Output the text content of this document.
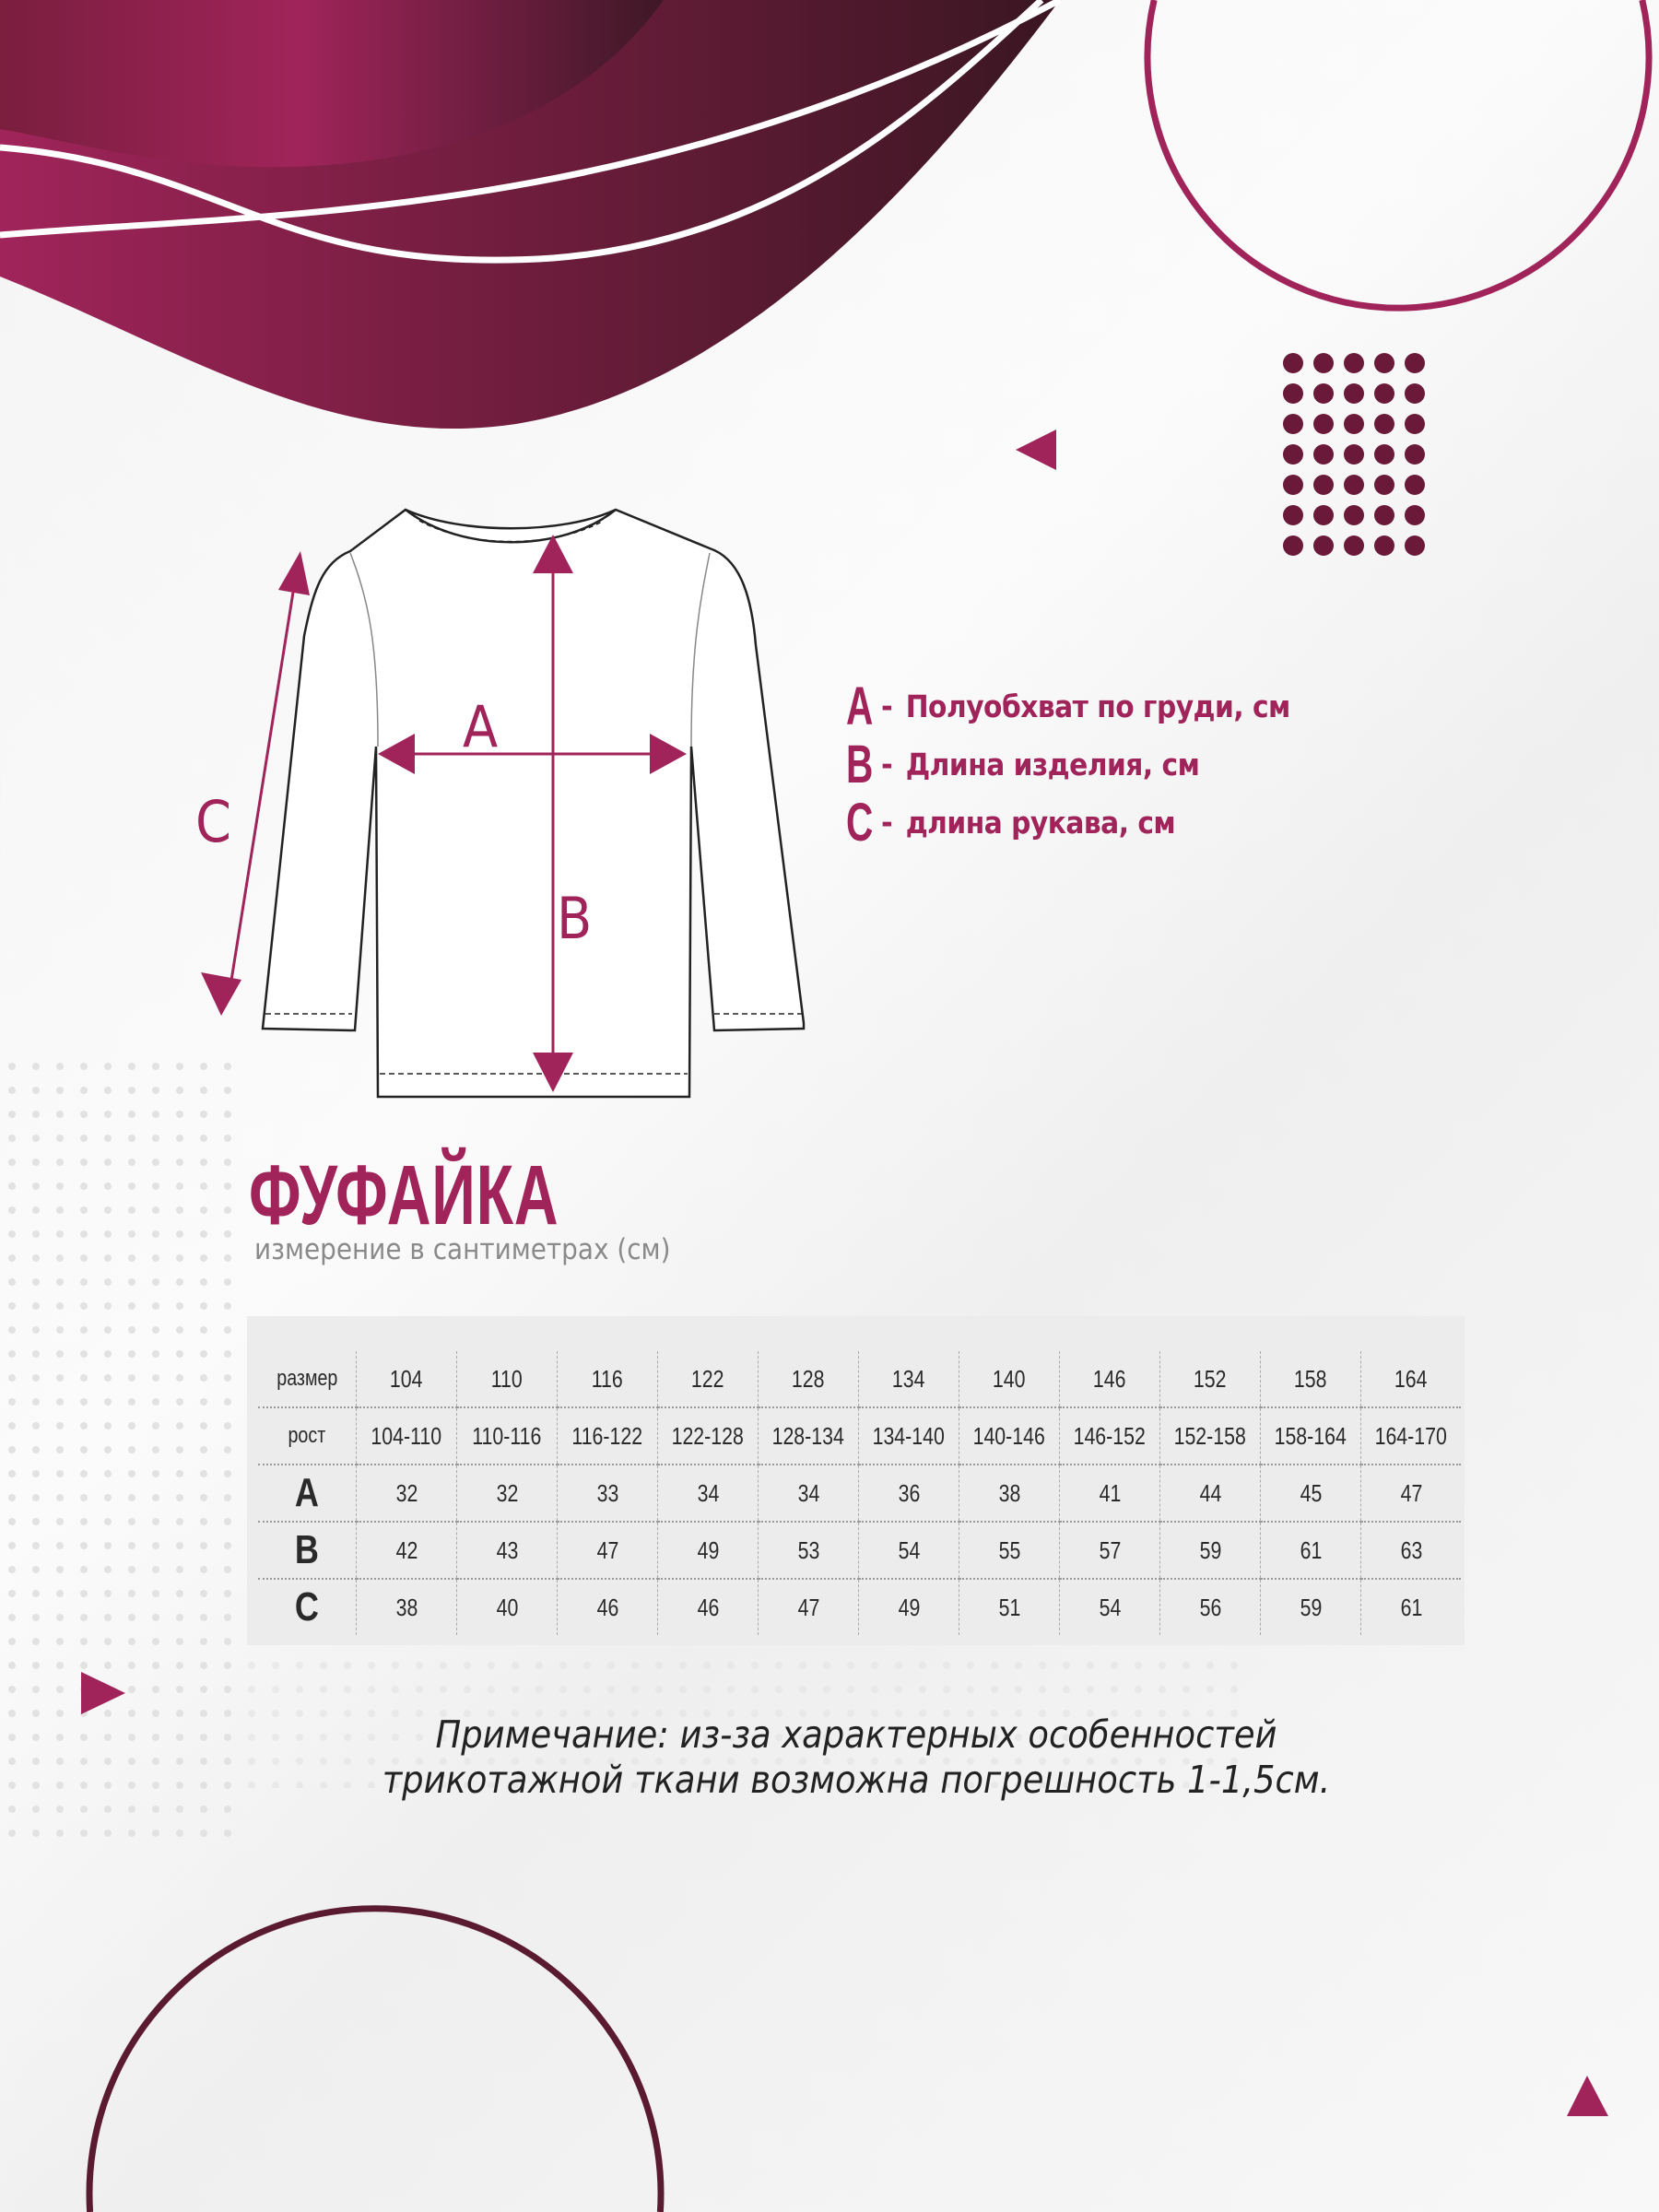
A
B
C
A - Полуобхват по груди, см
B - Длина изделия, см
C - длина рукава, см
ФУФАЙКА
измерение в сантиметрах (см)
размер	104	110	116	122	128	134	140	146	152	158	164
рост	104-110	110-116	116-122	122-128	128-134	134-140	140-146	146-152	152-158	158-164	164-170
A	32	32	33	34	34	36	38	41	44	45	47
B	42	43	47	49	53	54	55	57	59	61	63
C	38	40	46	46	47	49	51	54	56	59	61
Примечание: из-за характерных особенностей
трикотажной ткани возможна погрешность 1-1,5см.
